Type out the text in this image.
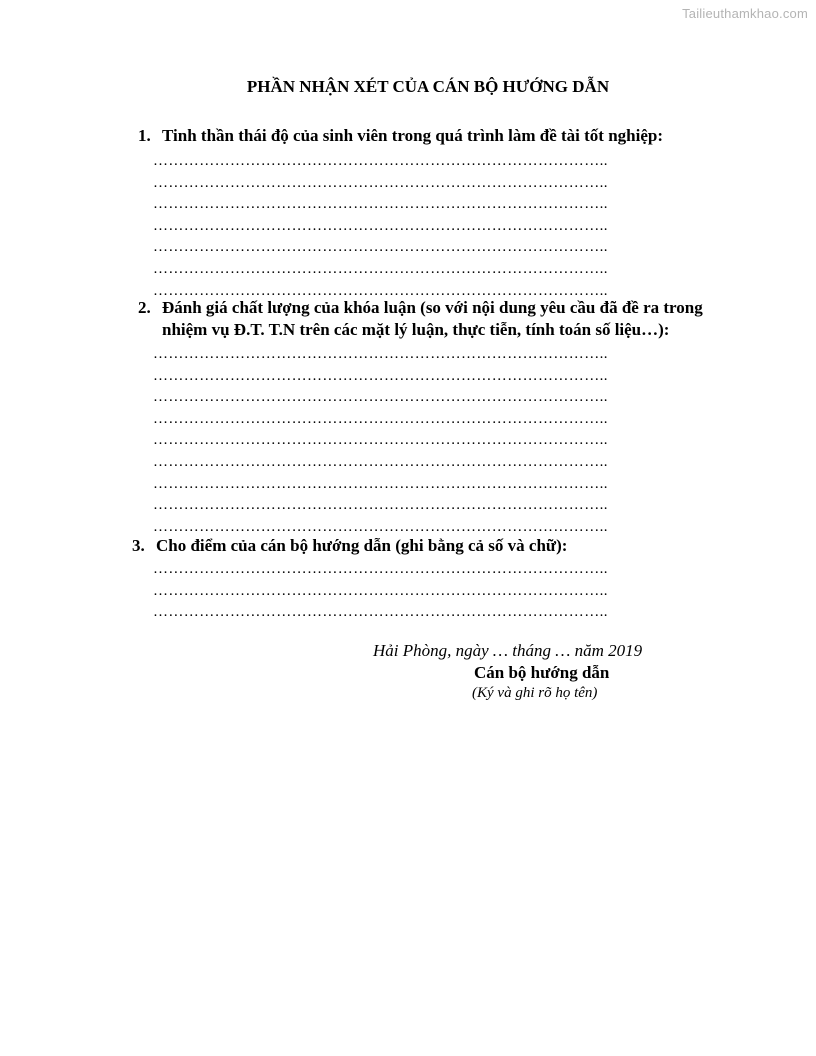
Tailieuthamkhao.com
PHẦN NHẬN XÉT CỦA CÁN BỘ HƯỚNG DẪN
1. Tinh thần thái độ của sinh viên trong quá trình làm đề tài tốt nghiệp:
……………………………………………………………………………..
……………………………………………………………………………..
……………………………………………………………………………..
……………………………………………………………………………..
……………………………………………………………………………..
……………………………………………………………………………..
……………………………………………………………………………..
2. Đánh giá chất lượng của khóa luận (so với nội dung yêu cầu đã đề ra trong
nhiệm vụ Đ.T. T.N trên các mặt lý luận, thực tiễn, tính toán số liệu…):
……………………………………………………………………………..
……………………………………………………………………………..
……………………………………………………………………………..
……………………………………………………………………………..
……………………………………………………………………………..
……………………………………………………………………………..
……………………………………………………………………………..
……………………………………………………………………………..
……………………………………………………………………………..
3. Cho điểm của cán bộ hướng dẫn (ghi bằng cả số và chữ):
……………………………………………………………………………..
……………………………………………………………………………..
……………………………………………………………………………..
Hải Phòng, ngày … tháng … năm 2019
Cán bộ hướng dẫn
(Ký và ghi rõ họ tên)
